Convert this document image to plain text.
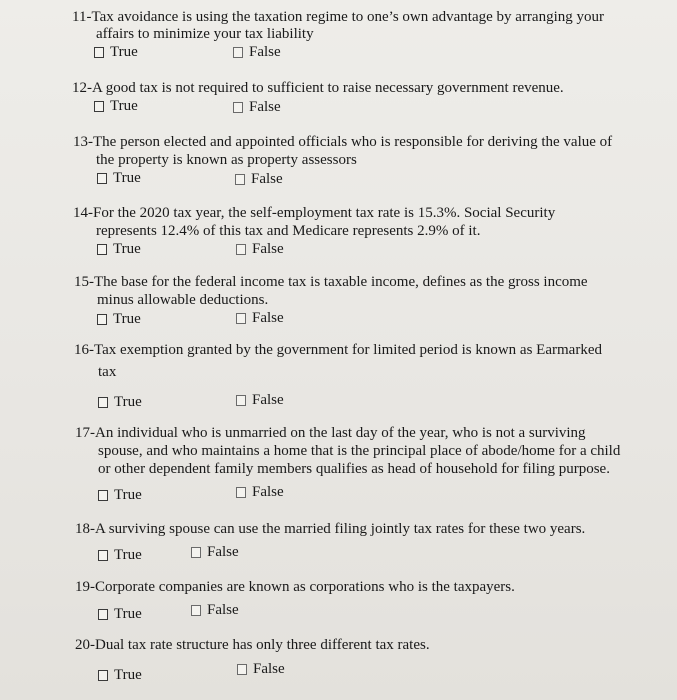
11-Tax avoidance is using the taxation regime to one’s own advantage by arranging your
affairs to minimize your tax liability
True	False
12-A good tax is not required to sufficient to raise necessary government revenue.
True	False
13-The person elected and appointed officials who is responsible for deriving the value of
the property is known as property assessors
True	False
14-For the 2020 tax year, the self-employment tax rate is 15.3%. Social Security
represents 12.4% of this tax and Medicare represents 2.9% of it.
True	False
15-The base for the federal income tax is taxable income, defines as the gross income
minus allowable deductions.
True	False
16-Tax exemption granted by the government for limited period is known as Earmarked
tax
True	False
17-An individual who is unmarried on the last day of the year, who is not a surviving
spouse, and who maintains a home that is the principal place of abode/home for a child
or other dependent family members qualifies as head of household for filing purpose.
True	False
18-A surviving spouse can use the married filing jointly tax rates for these two years.
True	False
19-Corporate companies are known as corporations who is the taxpayers.
True	False
20-Dual tax rate structure has only three different tax rates.
True	False
